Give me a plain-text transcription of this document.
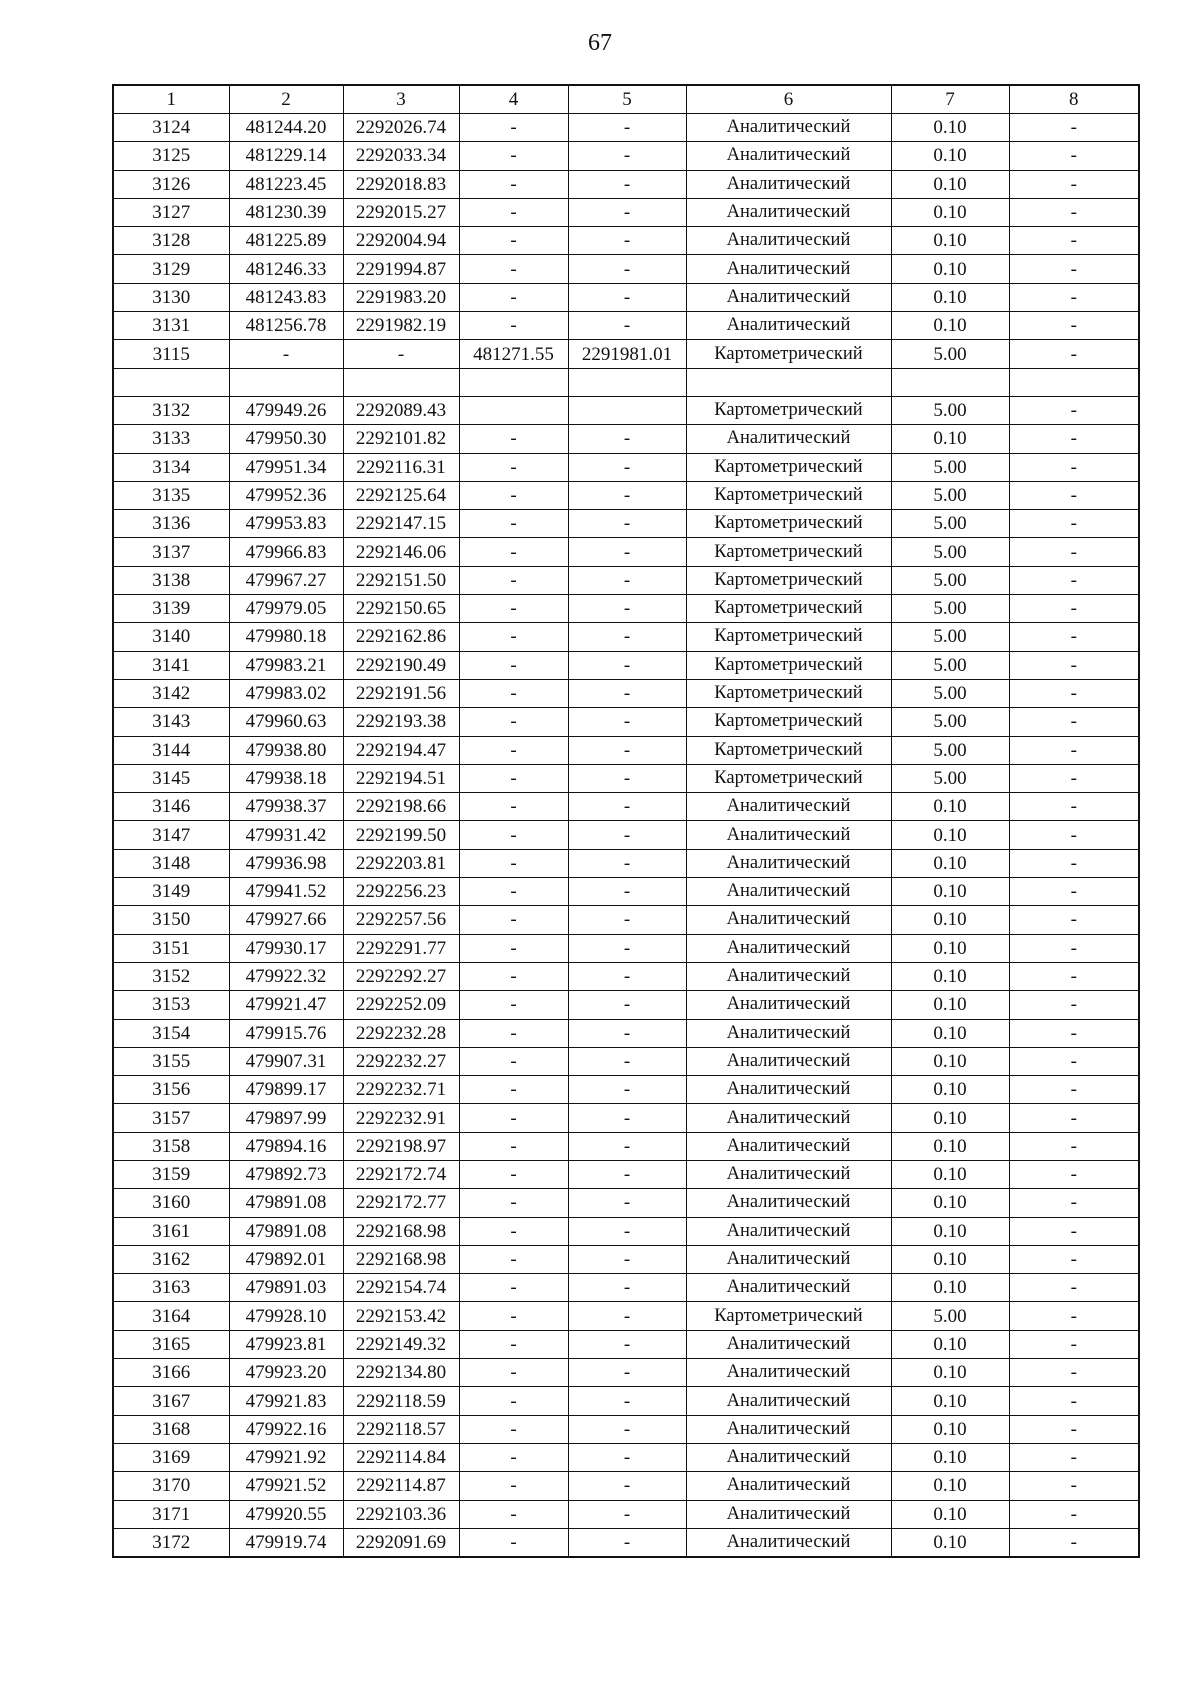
67
1	2	3	4	5	6	7	8
3124	481244.20	2292026.74	-	-	Аналитический	0.10	-
3125	481229.14	2292033.34	-	-	Аналитический	0.10	-
3126	481223.45	2292018.83	-	-	Аналитический	0.10	-
3127	481230.39	2292015.27	-	-	Аналитический	0.10	-
3128	481225.89	2292004.94	-	-	Аналитический	0.10	-
3129	481246.33	2291994.87	-	-	Аналитический	0.10	-
3130	481243.83	2291983.20	-	-	Аналитический	0.10	-
3131	481256.78	2291982.19	-	-	Аналитический	0.10	-
3115	-	-	481271.55	2291981.01	Картометрический	5.00	-

3132	479949.26	2292089.43			Картометрический	5.00	-
3133	479950.30	2292101.82	-	-	Аналитический	0.10	-
3134	479951.34	2292116.31	-	-	Картометрический	5.00	-
3135	479952.36	2292125.64	-	-	Картометрический	5.00	-
3136	479953.83	2292147.15	-	-	Картометрический	5.00	-
3137	479966.83	2292146.06	-	-	Картометрический	5.00	-
3138	479967.27	2292151.50	-	-	Картометрический	5.00	-
3139	479979.05	2292150.65	-	-	Картометрический	5.00	-
3140	479980.18	2292162.86	-	-	Картометрический	5.00	-
3141	479983.21	2292190.49	-	-	Картометрический	5.00	-
3142	479983.02	2292191.56	-	-	Картометрический	5.00	-
3143	479960.63	2292193.38	-	-	Картометрический	5.00	-
3144	479938.80	2292194.47	-	-	Картометрический	5.00	-
3145	479938.18	2292194.51	-	-	Картометрический	5.00	-
3146	479938.37	2292198.66	-	-	Аналитический	0.10	-
3147	479931.42	2292199.50	-	-	Аналитический	0.10	-
3148	479936.98	2292203.81	-	-	Аналитический	0.10	-
3149	479941.52	2292256.23	-	-	Аналитический	0.10	-
3150	479927.66	2292257.56	-	-	Аналитический	0.10	-
3151	479930.17	2292291.77	-	-	Аналитический	0.10	-
3152	479922.32	2292292.27	-	-	Аналитический	0.10	-
3153	479921.47	2292252.09	-	-	Аналитический	0.10	-
3154	479915.76	2292232.28	-	-	Аналитический	0.10	-
3155	479907.31	2292232.27	-	-	Аналитический	0.10	-
3156	479899.17	2292232.71	-	-	Аналитический	0.10	-
3157	479897.99	2292232.91	-	-	Аналитический	0.10	-
3158	479894.16	2292198.97	-	-	Аналитический	0.10	-
3159	479892.73	2292172.74	-	-	Аналитический	0.10	-
3160	479891.08	2292172.77	-	-	Аналитический	0.10	-
3161	479891.08	2292168.98	-	-	Аналитический	0.10	-
3162	479892.01	2292168.98	-	-	Аналитический	0.10	-
3163	479891.03	2292154.74	-	-	Аналитический	0.10	-
3164	479928.10	2292153.42	-	-	Картометрический	5.00	-
3165	479923.81	2292149.32	-	-	Аналитический	0.10	-
3166	479923.20	2292134.80	-	-	Аналитический	0.10	-
3167	479921.83	2292118.59	-	-	Аналитический	0.10	-
3168	479922.16	2292118.57	-	-	Аналитический	0.10	-
3169	479921.92	2292114.84	-	-	Аналитический	0.10	-
3170	479921.52	2292114.87	-	-	Аналитический	0.10	-
3171	479920.55	2292103.36	-	-	Аналитический	0.10	-
3172	479919.74	2292091.69	-	-	Аналитический	0.10	-
